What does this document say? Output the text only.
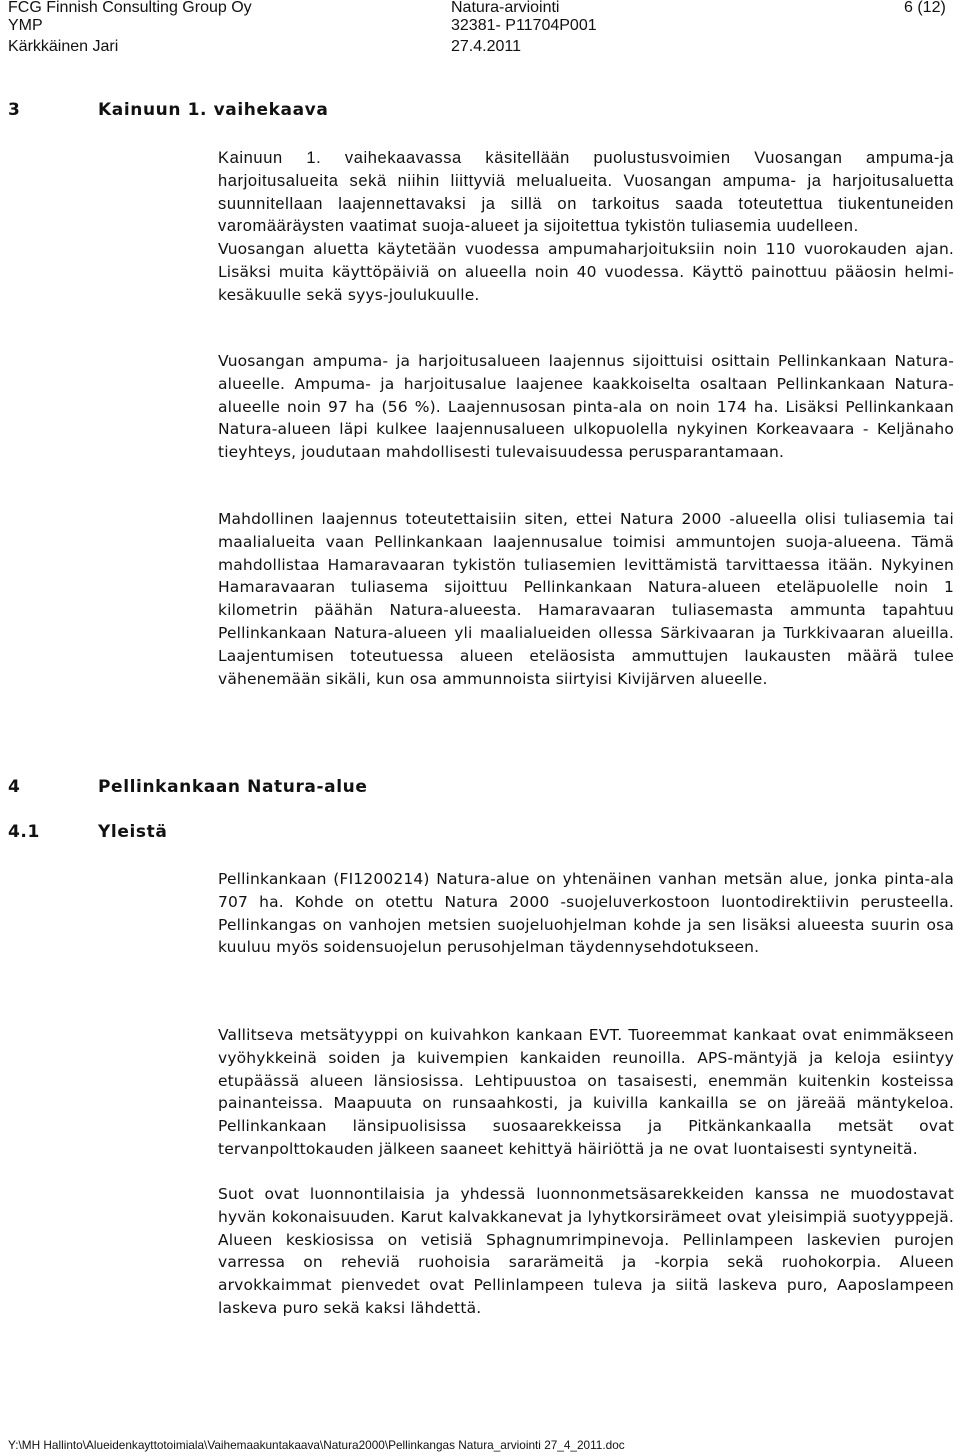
FCG Finnish Consulting Group Oy
YMP
Kärkkäinen Jari
Natura-arviointi
32381- P11704P001
27.4.2011
6 (12)
3	Kainuun 1. vaihekaava

Kainuun 1. vaihekaavassa käsitellään puolustusvoimien Vuosangan ampuma-ja harjoitusalueita sekä niihin liittyviä melualueita. Vuosangan ampuma- ja harjoitusaluetta suunnitellaan laajennettavaksi ja sillä on tarkoitus saada toteutettua tiukentuneiden varomääräysten vaatimat suoja-alueet ja sijoitettua tykistön tuliasemia uudelleen.

Vuosangan aluetta käytetään vuodessa ampumaharjoituksiin noin 110 vuorokauden ajan. Lisäksi muita käyttöpäiviä on alueella noin 40 vuodessa. Käyttö painottuu pääosin helmi-kesäkuulle sekä syys-joulukuulle.

Vuosangan ampuma- ja harjoitusalueen laajennus sijoittuisi osittain Pellinkankaan Natura-alueelle. Ampuma- ja harjoitusalue laajenee kaakkoiselta osaltaan Pellinkankaan Natura-alueelle noin 97 ha (56 %). Laajennusosan pinta-ala on noin 174 ha. Lisäksi Pellinkankaan Natura-alueen läpi kulkee laajennusalueen ulkopuolella nykyinen Korkeavaara - Keljänaho tieyhteys, joudutaan mahdollisesti tulevaisuudessa perusparantamaan.

Mahdollinen laajennus toteutettaisiin siten, ettei Natura 2000 -alueella olisi tuliasemia tai maalialueita vaan Pellinkankaan laajennusalue toimisi ammuntojen suoja-alueena. Tämä mahdollistaa Hamaravaaran tykistön tuliasemien levittämistä tarvittaessa itään. Nykyinen Hamaravaaran tuliasema sijoittuu Pellinkankaan Natura-alueen eteläpuolelle noin 1 kilometrin päähän Natura-alueesta. Hamaravaaran tuliasemasta ammunta tapahtuu Pellinkankaan Natura-alueen yli maalialueiden ollessa Särkivaaran ja Turkkivaaran alueilla. Laajentumisen toteutuessa alueen eteläosista ammuttujen laukausten määrä tulee vähenemään sikäli, kun osa ammunnoista siirtyisi Kivijärven alueelle.

4	Pellinkankaan Natura-alue
4.1	Yleistä

Pellinkankaan (FI1200214) Natura-alue on yhtenäinen vanhan metsän alue, jonka pinta-ala 707 ha. Kohde on otettu Natura 2000 -suojeluverkostoon luontodirektiivin perusteella. Pellinkangas on vanhojen metsien suojeluohjelman kohde ja sen lisäksi alueesta suurin osa kuuluu myös soidensuojelun perusohjelman täydennysehdotukseen.

Vallitseva metsätyyppi on kuivahkon kankaan EVT. Tuoreemmat kankaat ovat enimmäkseen vyöhykkeinä soiden ja kuivempien kankaiden reunoilla. APS-mäntyjä ja keloja esiintyy etupäässä alueen länsiosissa. Lehtipuustoa on tasaisesti, enemmän kuitenkin kosteissa painanteissa. Maapuuta on runsaahkosti, ja kuivilla kankailla se on järeää mäntykeloa. Pellinkankaan länsipuolisissa suosaarekkeissa ja Pitkänkankaalla metsät ovat tervanpolttokauden jälkeen saaneet kehittyä häiriöttä ja ne ovat luontaisesti syntyneitä.

Suot ovat luonnontilaisia ja yhdessä luonnonmetsäsarekkeiden kanssa ne muodostavat hyvän kokonaisuuden. Karut kalvakkanevat ja lyhytkorsirämeet ovat yleisimpiä suotyyppejä. Alueen keskiosissa on vetisiä Sphagnumrimpinevoja. Pellinlampeen laskevien purojen varressa on reheviä ruohoisia sararämeitä ja -korpia sekä ruohokorpia. Alueen arvokkaimmat pienvedet ovat Pellinlampeen tuleva ja siitä laskeva puro, Aaposlampeen laskeva puro sekä kaksi lähdettä.

Y:\MH Hallinto\Alueidenkayttotoimiala\Vaihemaakuntakaava\Natura2000\Pellinkangas Natura_arviointi 27_4_2011.doc
